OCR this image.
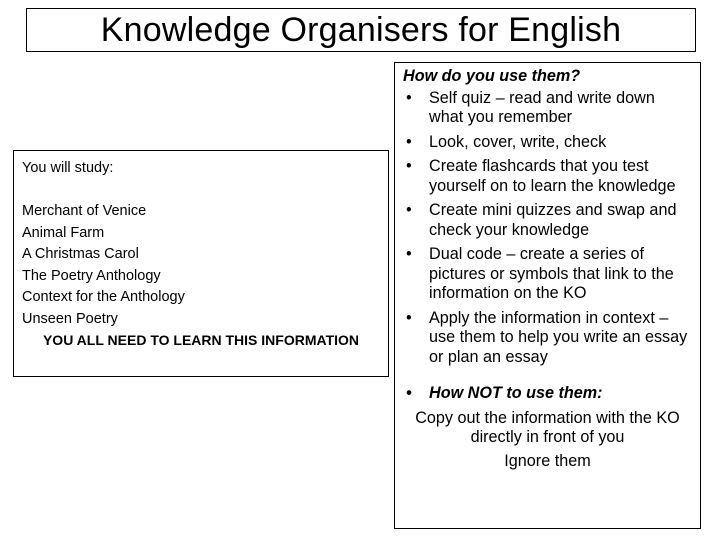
Knowledge Organisers for English
You will study:
Merchant of Venice
Animal Farm
A Christmas Carol
The Poetry Anthology
Context for the Anthology
Unseen Poetry
YOU ALL NEED TO LEARN THIS INFORMATION
How do you use them?
• Self quiz – read and write down what you remember
• Look, cover, write, check
• Create flashcards that you test yourself on to learn the knowledge
• Create mini quizzes and swap and check your knowledge
• Dual code – create a series of pictures or symbols that link to the information on the KO
• Apply the information in context – use them to help you write an essay or plan an essay
• How NOT to use them:
Copy out the information with the KO directly in front of you
Ignore them
